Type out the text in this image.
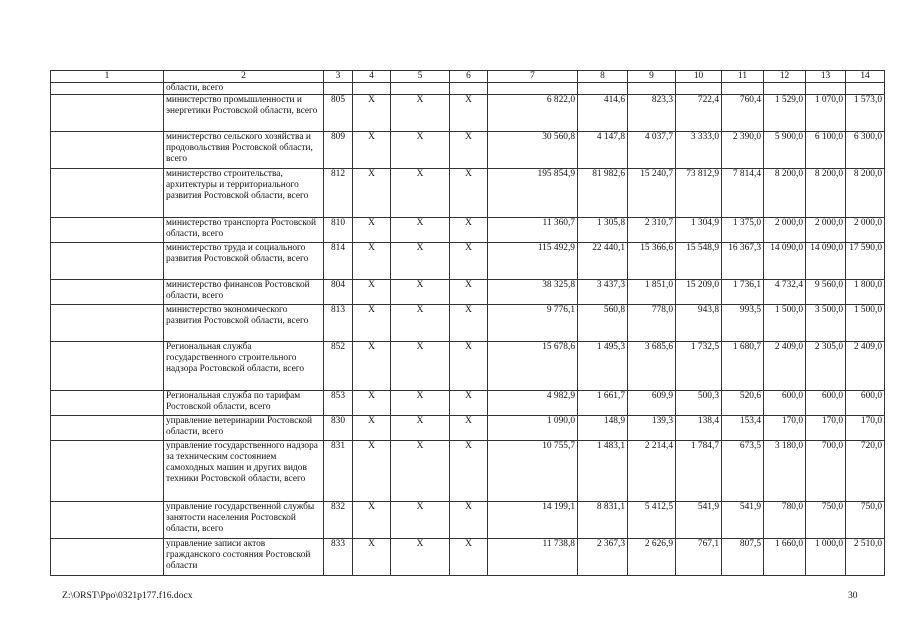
1	2	3	4	5	6	7	8	9	10	11	12	13	14
	области, всего												
	министерство промышленности и энергетики Ростовской области, всего	805	X	X	X	6 822,0	414,6	823,3	722,4	760,4	1 529,0	1 070,0	1 573,0
	министерство сельского хозяйства и продовольствия Ростовской области, всего	809	X	X	X	30 560,8	4 147,8	4 037,7	3 333,0	2 390,0	5 900,0	6 100,0	6 300,0
	министерство строительства, архитектуры и территориального развития Ростовской области, всего	812	X	X	X	195 854,9	81 982,6	15 240,7	73 812,9	7 814,4	8 200,0	8 200,0	8 200,0
	министерство транспорта Ростовской области, всего	810	X	X	X	11 360,7	1 305,8	2 310,7	1 304,9	1 375,0	2 000,0	2 000,0	2 000,0
	министерство труда и социального развития Ростовской области, всего	814	X	X	X	115 492,9	22 440,1	15 366,6	15 548,9	16 367,3	14 090,0	14 090,0	17 590,0
	министерство финансов Ростовской области, всего	804	X	X	X	38 325,8	3 437,3	1 851,0	15 209,0	1 736,1	4 732,4	9 560,0	1 800,0
	министерство экономического развития Ростовской области, всего	813	X	X	X	9 776,1	560,8	778,0	943,8	993,5	1 500,0	3 500,0	1 500,0
	Региональная служба государственного строительного надзора Ростовской области, всего	852	X	X	X	15 678,6	1 495,3	3 685,6	1 732,5	1 680,7	2 409,0	2 305,0	2 409,0
	Региональная служба по тарифам Ростовской области, всего	853	X	X	X	4 982,9	1 661,7	609,9	500,3	520,6	600,0	600,0	600,0
	управление ветеринарии Ростовской области, всего	830	X	X	X	1 090,0	148,9	139,3	138,4	153,4	170,0	170,0	170,0
	управление государственного надзора за техническим состоянием самоходных машин и других видов техники Ростовской области, всего	831	X	X	X	10 755,7	1 483,1	2 214,4	1 784,7	673,5	3 180,0	700,0	720,0
	управление государственной службы занятости населения Ростовской области, всего	832	X	X	X	14 199,1	8 831,1	5 412,5	541,9	541,9	780,0	750,0	750,0
	управление записи актов гражданского состояния Ростовской области	833	X	X	X	11 738,8	2 367,3	2 626,9	767,1	807,5	1 660,0	1 000,0	2 510,0
Z:\ORST\Ppo\0321p177.f16.docx	30
